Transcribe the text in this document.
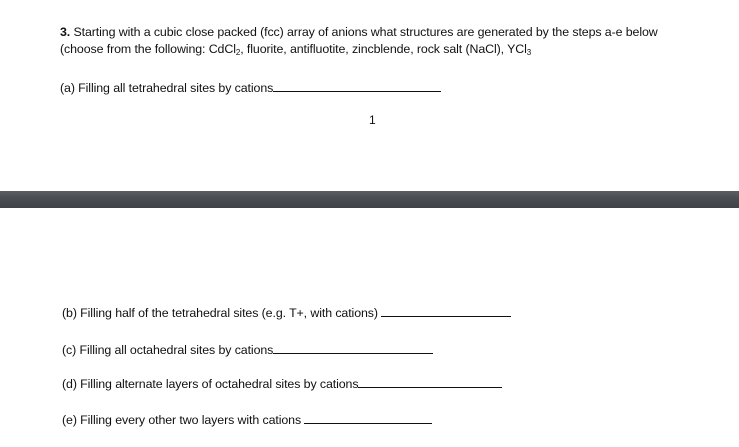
3. Starting with a cubic close packed (fcc) array of anions what structures are generated by the steps a-e below (choose from the following: CdCl$_2$, fluorite, antifluotite, zincblende, rock salt (NaCl), YCl$_3$
(a) Filling all tetrahedral sites by cations
1
(b) Filling half of the tetrahedral sites (e.g. T+, with cations)
(c) Filling all octahedral sites by cations
(d) Filling alternate layers of octahedral sites by cations
(e) Filling every other two layers with cations
